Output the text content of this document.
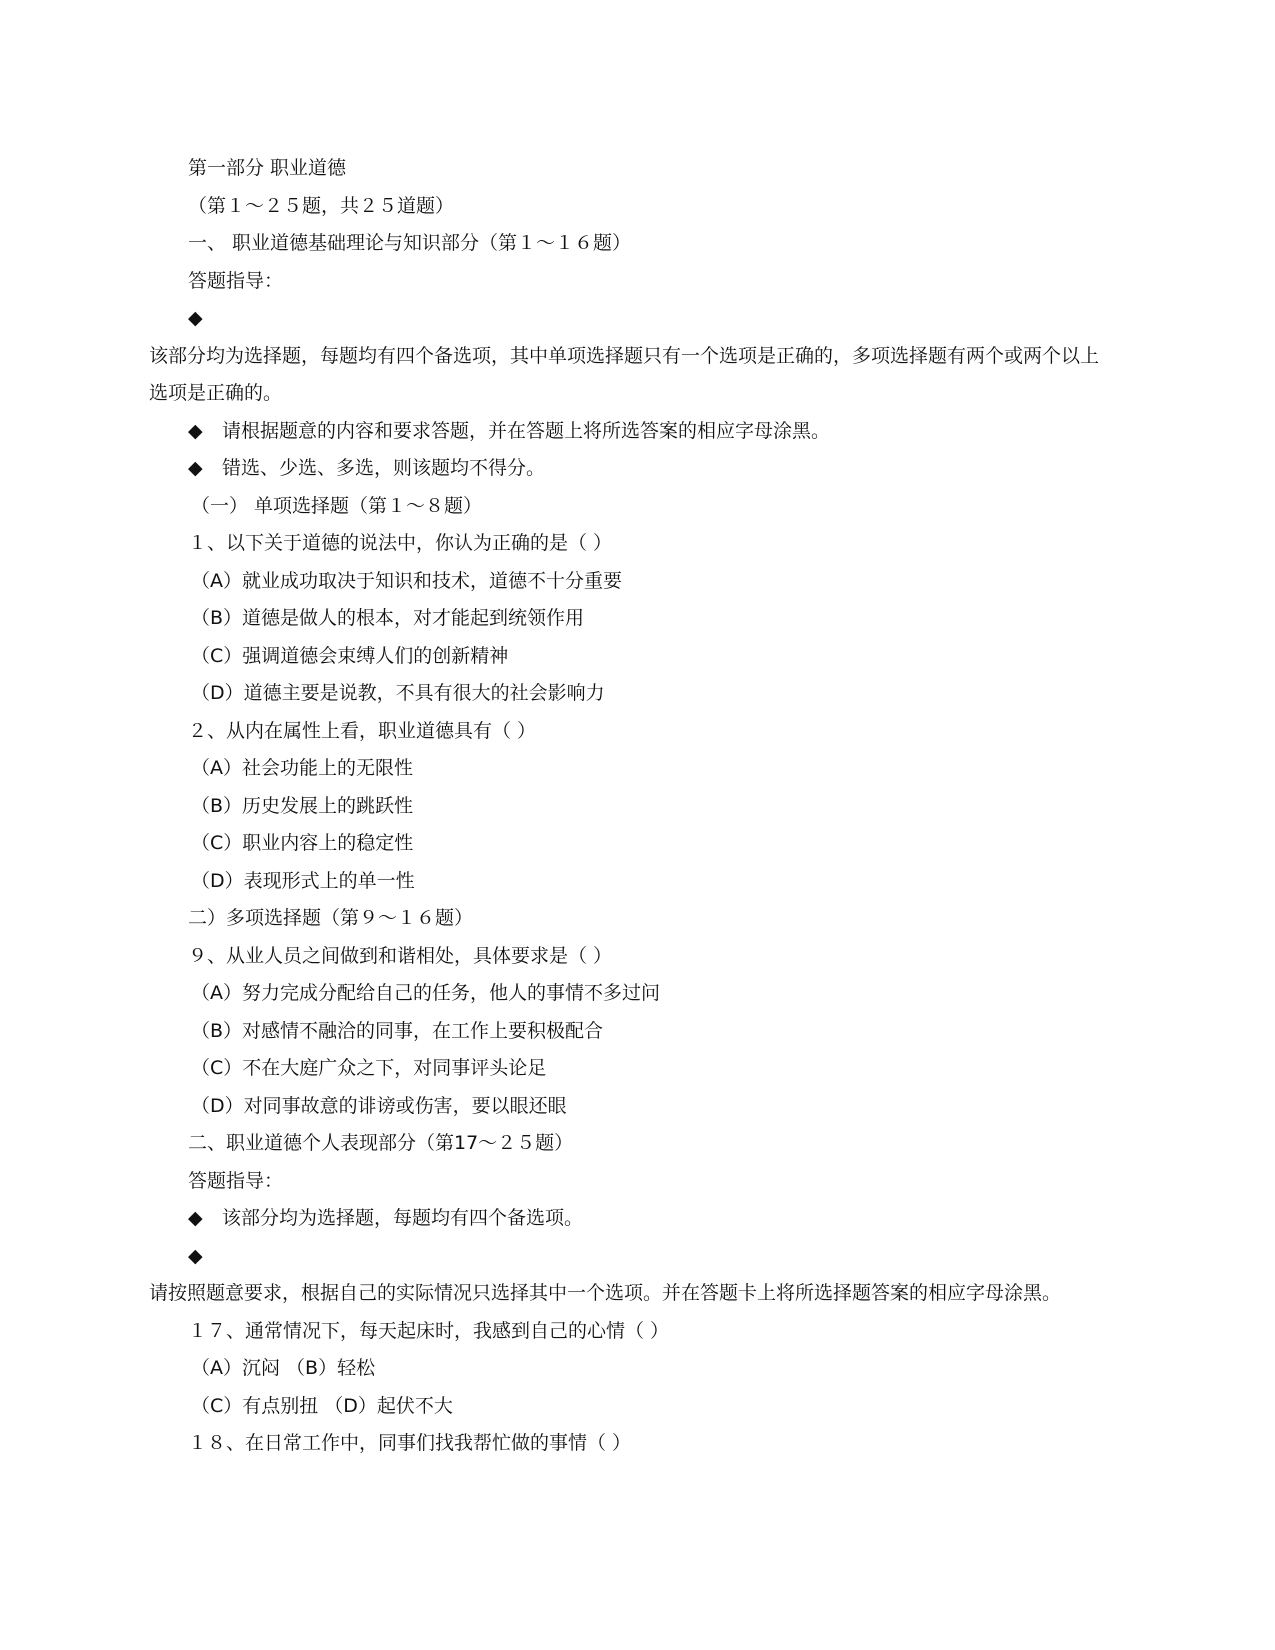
第一部分 职业道德
（第１～２５题，共２５道题）
一、 职业道德基础理论与知识部分（第１～１６题）
答题指导：
◆
该部分均为选择题，每题均有四个备选项，其中单项选择题只有一个选项是正确的，多项选择题有两个或两个以上选项是正确的。
◆ 请根据题意的内容和要求答题，并在答题上将所选答案的相应字母涂黑。
◆ 错选、少选、多选，则该题均不得分。
（一） 单项选择题（第１～８题）
１、以下关于道德的说法中，你认为正确的是（ ）
（A）就业成功取决于知识和技术，道德不十分重要
（B）道德是做人的根本，对才能起到统领作用
（C）强调道德会束缚人们的创新精神
（D）道德主要是说教，不具有很大的社会影响力
２、从内在属性上看，职业道德具有（ ）
（A）社会功能上的无限性
（B）历史发展上的跳跃性
（C）职业内容上的稳定性
（D）表现形式上的单一性
二）多项选择题（第９～１６题）
９、从业人员之间做到和谐相处，具体要求是（ ）
（A）努力完成分配给自己的任务，他人的事情不多过问
（B）对感情不融洽的同事，在工作上要积极配合
（C）不在大庭广众之下，对同事评头论足
（D）对同事故意的诽谤或伤害，要以眼还眼
二、职业道德个人表现部分（第17～２５题）
答题指导：
◆ 该部分均为选择题，每题均有四个备选项。
◆
请按照题意要求，根据自己的实际情况只选择其中一个选项。并在答题卡上将所选择题答案的相应字母涂黑。
１７、通常情况下，每天起床时，我感到自己的心情（ ）
（A）沉闷 （B）轻松
（C）有点别扭 （D）起伏不大
１８、在日常工作中，同事们找我帮忙做的事情（ ）
